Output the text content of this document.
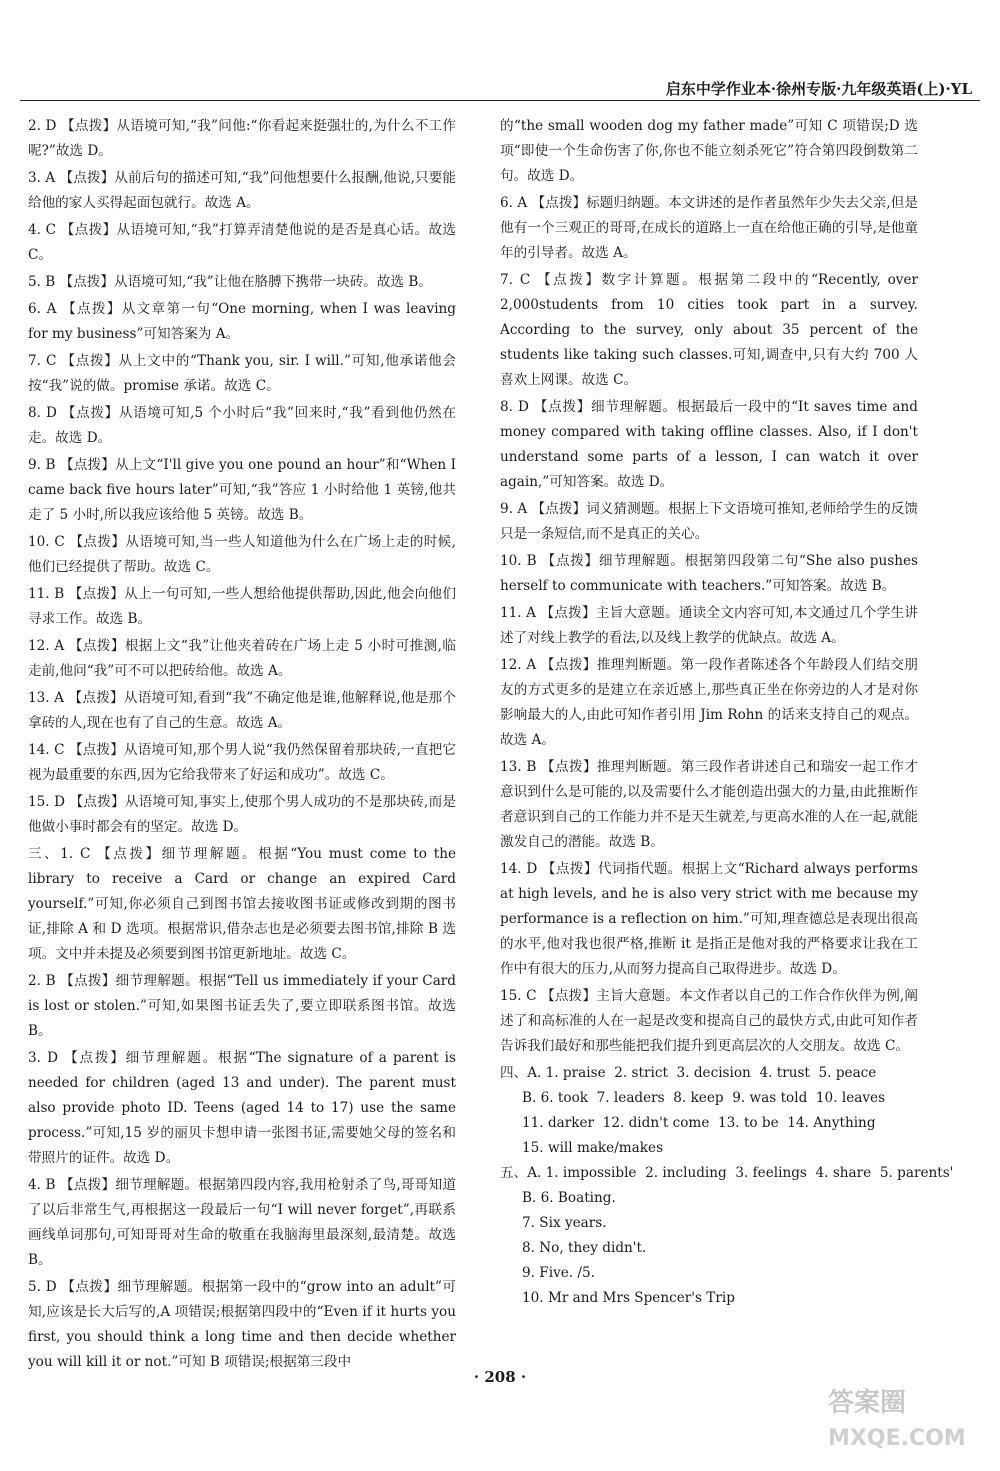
启东中学作业本·徐州专版·九年级英语(上)·YL

2. D 【点拨】从语境可知,“我”问他:“你看起来挺强壮的,为什么不工作呢?”故选 D。

3. A 【点拨】从前后句的描述可知,“我”问他想要什么报酬,他说,只要能给他的家人买得起面包就行。故选 A。

4. C 【点拨】从语境可知,“我”打算弄清楚他说的是否是真心话。故选 C。

5. B 【点拨】从语境可知,“我”让他在胳膊下携带一块砖。故选 B。

6. A 【点拨】从文章第一句“One morning, when I was leaving for my business”可知答案为 A。

7. C 【点拨】从上文中的“Thank you, sir. I will.”可知,他承诺他会按“我”说的做。promise 承诺。故选 C。

8. D 【点拨】从语境可知,5 个小时后“我”回来时,“我”看到他仍然在走。故选 D。

9. B 【点拨】从上文“I'll give you one pound an hour”和“When I came back five hours later”可知,“我”答应 1 小时给他 1 英镑,他共走了 5 小时,所以我应该给他 5 英镑。故选 B。

10. C 【点拨】从语境可知,当一些人知道他为什么在广场上走的时候,他们已经提供了帮助。故选 C。

11. B 【点拨】从上一句可知,一些人想给他提供帮助,因此,他会向他们寻求工作。故选 B。

12. A 【点拨】根据上文“我”让他夹着砖在广场上走 5 小时可推测,临走前,他问“我”可不可以把砖给他。故选 A。

13. A 【点拨】从语境可知,看到“我”不确定他是谁,他解释说,他是那个拿砖的人,现在也有了自己的生意。故选 A。

14. C 【点拨】从语境可知,那个男人说“我仍然保留着那块砖,一直把它视为最重要的东西,因为它给我带来了好运和成功”。故选 C。

15. D 【点拨】从语境可知,事实上,使那个男人成功的不是那块砖,而是他做小事时都会有的坚定。故选 D。

三、1. C 【点拨】细节理解题。根据“You must come to the library to receive a Card or change an expired Card yourself.”可知,你必须自己到图书馆去接收图书证或修改到期的图书证,排除 A 和 D 选项。根据常识,借杂志也是必须要去图书馆,排除 B 选项。文中并未提及必须要到图书馆更新地址。故选 C。

2. B 【点拨】细节理解题。根据“Tell us immediately if your Card is lost or stolen.”可知,如果图书证丢失了,要立即联系图书馆。故选 B。

3. D 【点拨】细节理解题。根据“The signature of a parent is needed for children (aged 13 and under). The parent must also provide photo ID. Teens (aged 14 to 17) use the same process.”可知,15 岁的丽贝卡想申请一张图书证,需要她父母的签名和带照片的证件。故选 D。

4. B 【点拨】细节理解题。根据第四段内容,我用枪射杀了鸟,哥哥知道了以后非常生气,再根据这一段最后一句“I will never forget”,再联系画线单词那句,可知哥哥对生命的敬重在我脑海里最深刻,最清楚。故选 B。

5. D 【点拨】细节理解题。根据第一段中的“grow into an adult”可知,应该是长大后写的,A 项错误;根据第四段中的“Even if it hurts you first, you should think a long time and then decide whether you will kill it or not.”可知 B 项错误;根据第三段中

的“the small wooden dog my father made”可知 C 项错误;D 选项“即使一个生命伤害了你,你也不能立刻杀死它”符合第四段倒数第二句。故选 D。

6. A 【点拨】标题归纳题。本文讲述的是作者虽然年少失去父亲,但是他有一个三观正的哥哥,在成长的道路上一直在给他正确的引导,是他童年的引导者。故选 A。

7. C 【点拨】数字计算题。根据第二段中的“Recently, over 2,000students from 10 cities took part in a survey. According to the survey, only about 35 percent of the students like taking such classes.可知,调查中,只有大约 700 人喜欢上网课。故选 C。

8. D 【点拨】细节理解题。根据最后一段中的“It saves time and money compared with taking offline classes. Also, if I don't understand some parts of a lesson, I can watch it over again,”可知答案。故选 D。

9. A 【点拨】词义猜测题。根据上下文语境可推知,老师给学生的反馈只是一条短信,而不是真正的关心。

10. B 【点拨】细节理解题。根据第四段第二句“She also pushes herself to communicate with teachers.”可知答案。故选 B。

11. A 【点拨】主旨大意题。通读全文内容可知,本文通过几个学生讲述了对线上教学的看法,以及线上教学的优缺点。故选 A。

12. A 【点拨】推理判断题。第一段作者陈述各个年龄段人们结交朋友的方式更多的是建立在亲近感上,那些真正坐在你旁边的人才是对你影响最大的人,由此可知作者引用 Jim Rohn 的话来支持自己的观点。故选 A。

13. B 【点拨】推理判断题。第三段作者讲述自己和瑞安一起工作才意识到什么是可能的,以及需要什么才能创造出强大的力量,由此推断作者意识到自己的工作能力并不是天生就差,与更高水准的人在一起,就能激发自己的潜能。故选 B。

14. D 【点拨】代词指代题。根据上文“Richard always performs at high levels, and he is also very strict with me because my performance is a reflection on him.”可知,理查德总是表现出很高的水平,他对我也很严格,推断 it 是指正是他对我的严格要求让我在工作中有很大的压力,从而努力提高自己取得进步。故选 D。

15. C 【点拨】主旨大意题。本文作者以自己的工作合作伙伴为例,阐述了和高标准的人在一起是改变和提高自己的最快方式,由此可知作者告诉我们最好和那些能把我们提升到更高层次的人交朋友。故选 C。

四、A. 1. praise  2. strict  3. decision  4. trust  5. peace

B. 6. took  7. leaders  8. keep  9. was told  10. leaves

11. darker  12. didn't come  13. to be  14. Anything

15. will make/makes

五、A. 1. impossible  2. including  3. feelings  4. share  5. parents'

B. 6. Boating.

7. Six years.

8. No, they didn't.

9. Five. /5.

10. Mr and Mrs Spencer's Trip

· 208 ·
答案圈
MXQE.COM
